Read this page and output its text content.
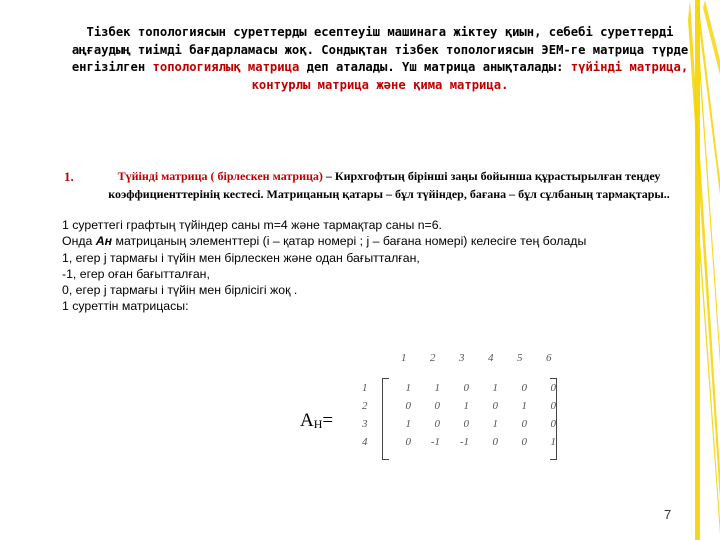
Тізбек топологиясын суреттерды есептеуіш машинага жіктеу қиын, себебі суреттерді аңғаудың тиімді бағдарламасы жоқ. Сондықтан тізбек топологиясын ЭЕМ-ге матрица түрде енгізілген топологиялық матрица деп аталады. Үш матрица анықталады: түйінді матрица, контурлы матрица және қима матрица.
1.	Түйінді матрица ( бірлескен матрица) – Кирхгофтың бірінші заңы бойынша құрастырылған теңдеу коэффициенттерінің кестесі. Матрицаның қатары – бұл түйіндер, бағана – бұл сұлбаның тармақтары..

1 суреттегі графтың түйіндер саны m=4 және тармақтар саны n=6.

Онда Aн матрицаның элементтері (i – қатар номері ; j – бағана номері) келесіге тең болады

1, егер j тармағы і түйін мен бірлескен және одан бағытталған,

-1, егер оған бағытталған,

0, егер j тармағы і түйін мен бірлісігі жоқ .

1 суреттін матрицасы:

$A_H=$
1 2 3 4 5 6
1
2
3
4
1	1	0	1	0	0
0	0	1	0	1	0
1	0	0	1	0	0
0	-1	-1	0	0	1
7
